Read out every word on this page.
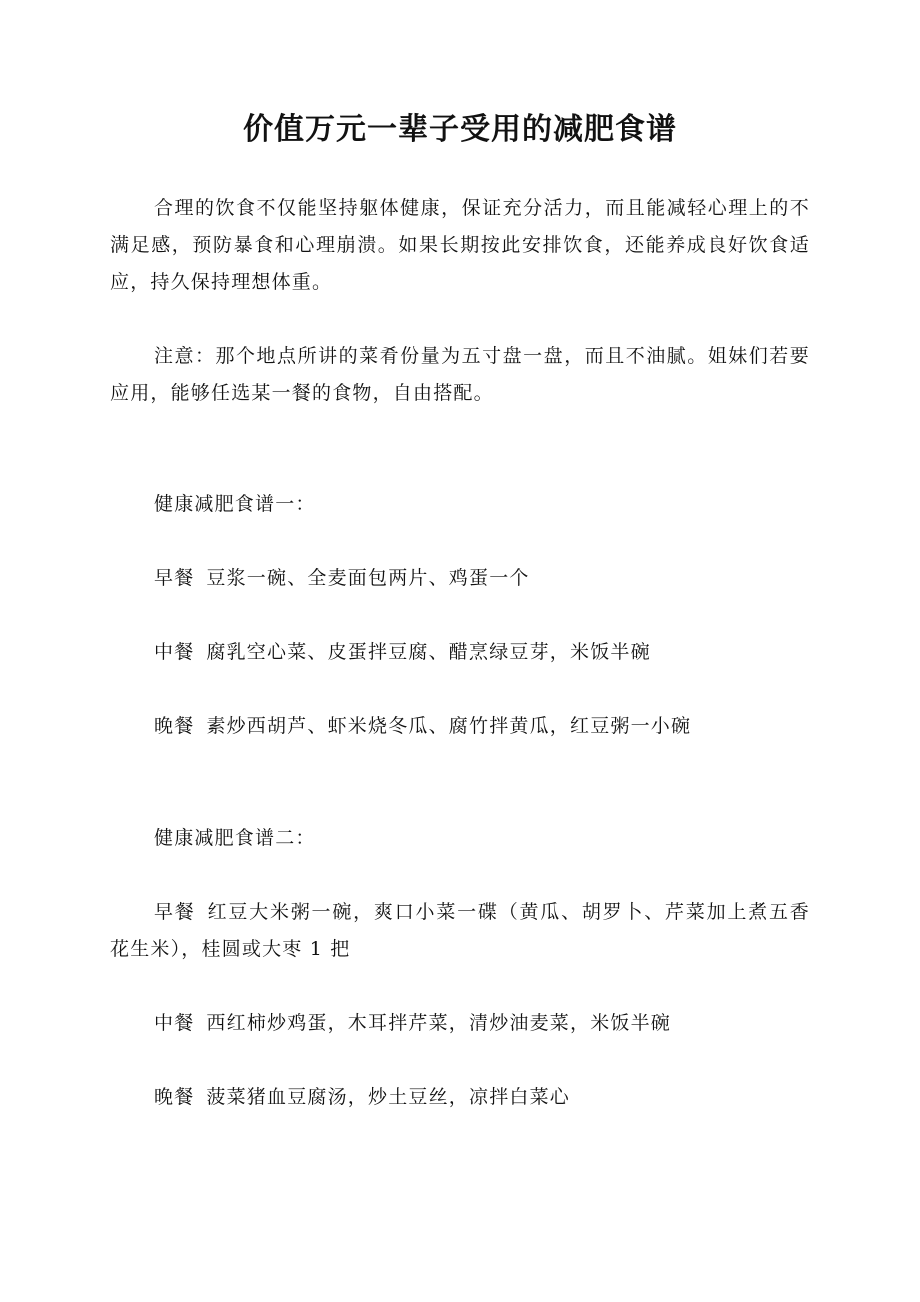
价值万元一辈子受用的减肥食谱

合理的饮食不仅能坚持躯体健康，保证充分活力，而且能减轻心理上的不满足感，预防暴食和心理崩溃。如果长期按此安排饮食，还能养成良好饮食适应，持久保持理想体重。

注意：那个地点所讲的菜肴份量为五寸盘一盘，而且不油腻。姐妹们若要应用，能够任选某一餐的食物，自由搭配。

健康减肥食谱一：

早餐 豆浆一碗、全麦面包两片、鸡蛋一个

中餐 腐乳空心菜、皮蛋拌豆腐、醋烹绿豆芽，米饭半碗

晚餐 素炒西胡芦、虾米烧冬瓜、腐竹拌黄瓜，红豆粥一小碗

健康减肥食谱二：

早餐 红豆大米粥一碗，爽口小菜一碟（黄瓜、胡罗卜、芹菜加上煮五香花生米），桂圆或大枣 1 把

中餐 西红柿炒鸡蛋，木耳拌芹菜，清炒油麦菜，米饭半碗

晚餐 菠菜猪血豆腐汤，炒土豆丝，凉拌白菜心
